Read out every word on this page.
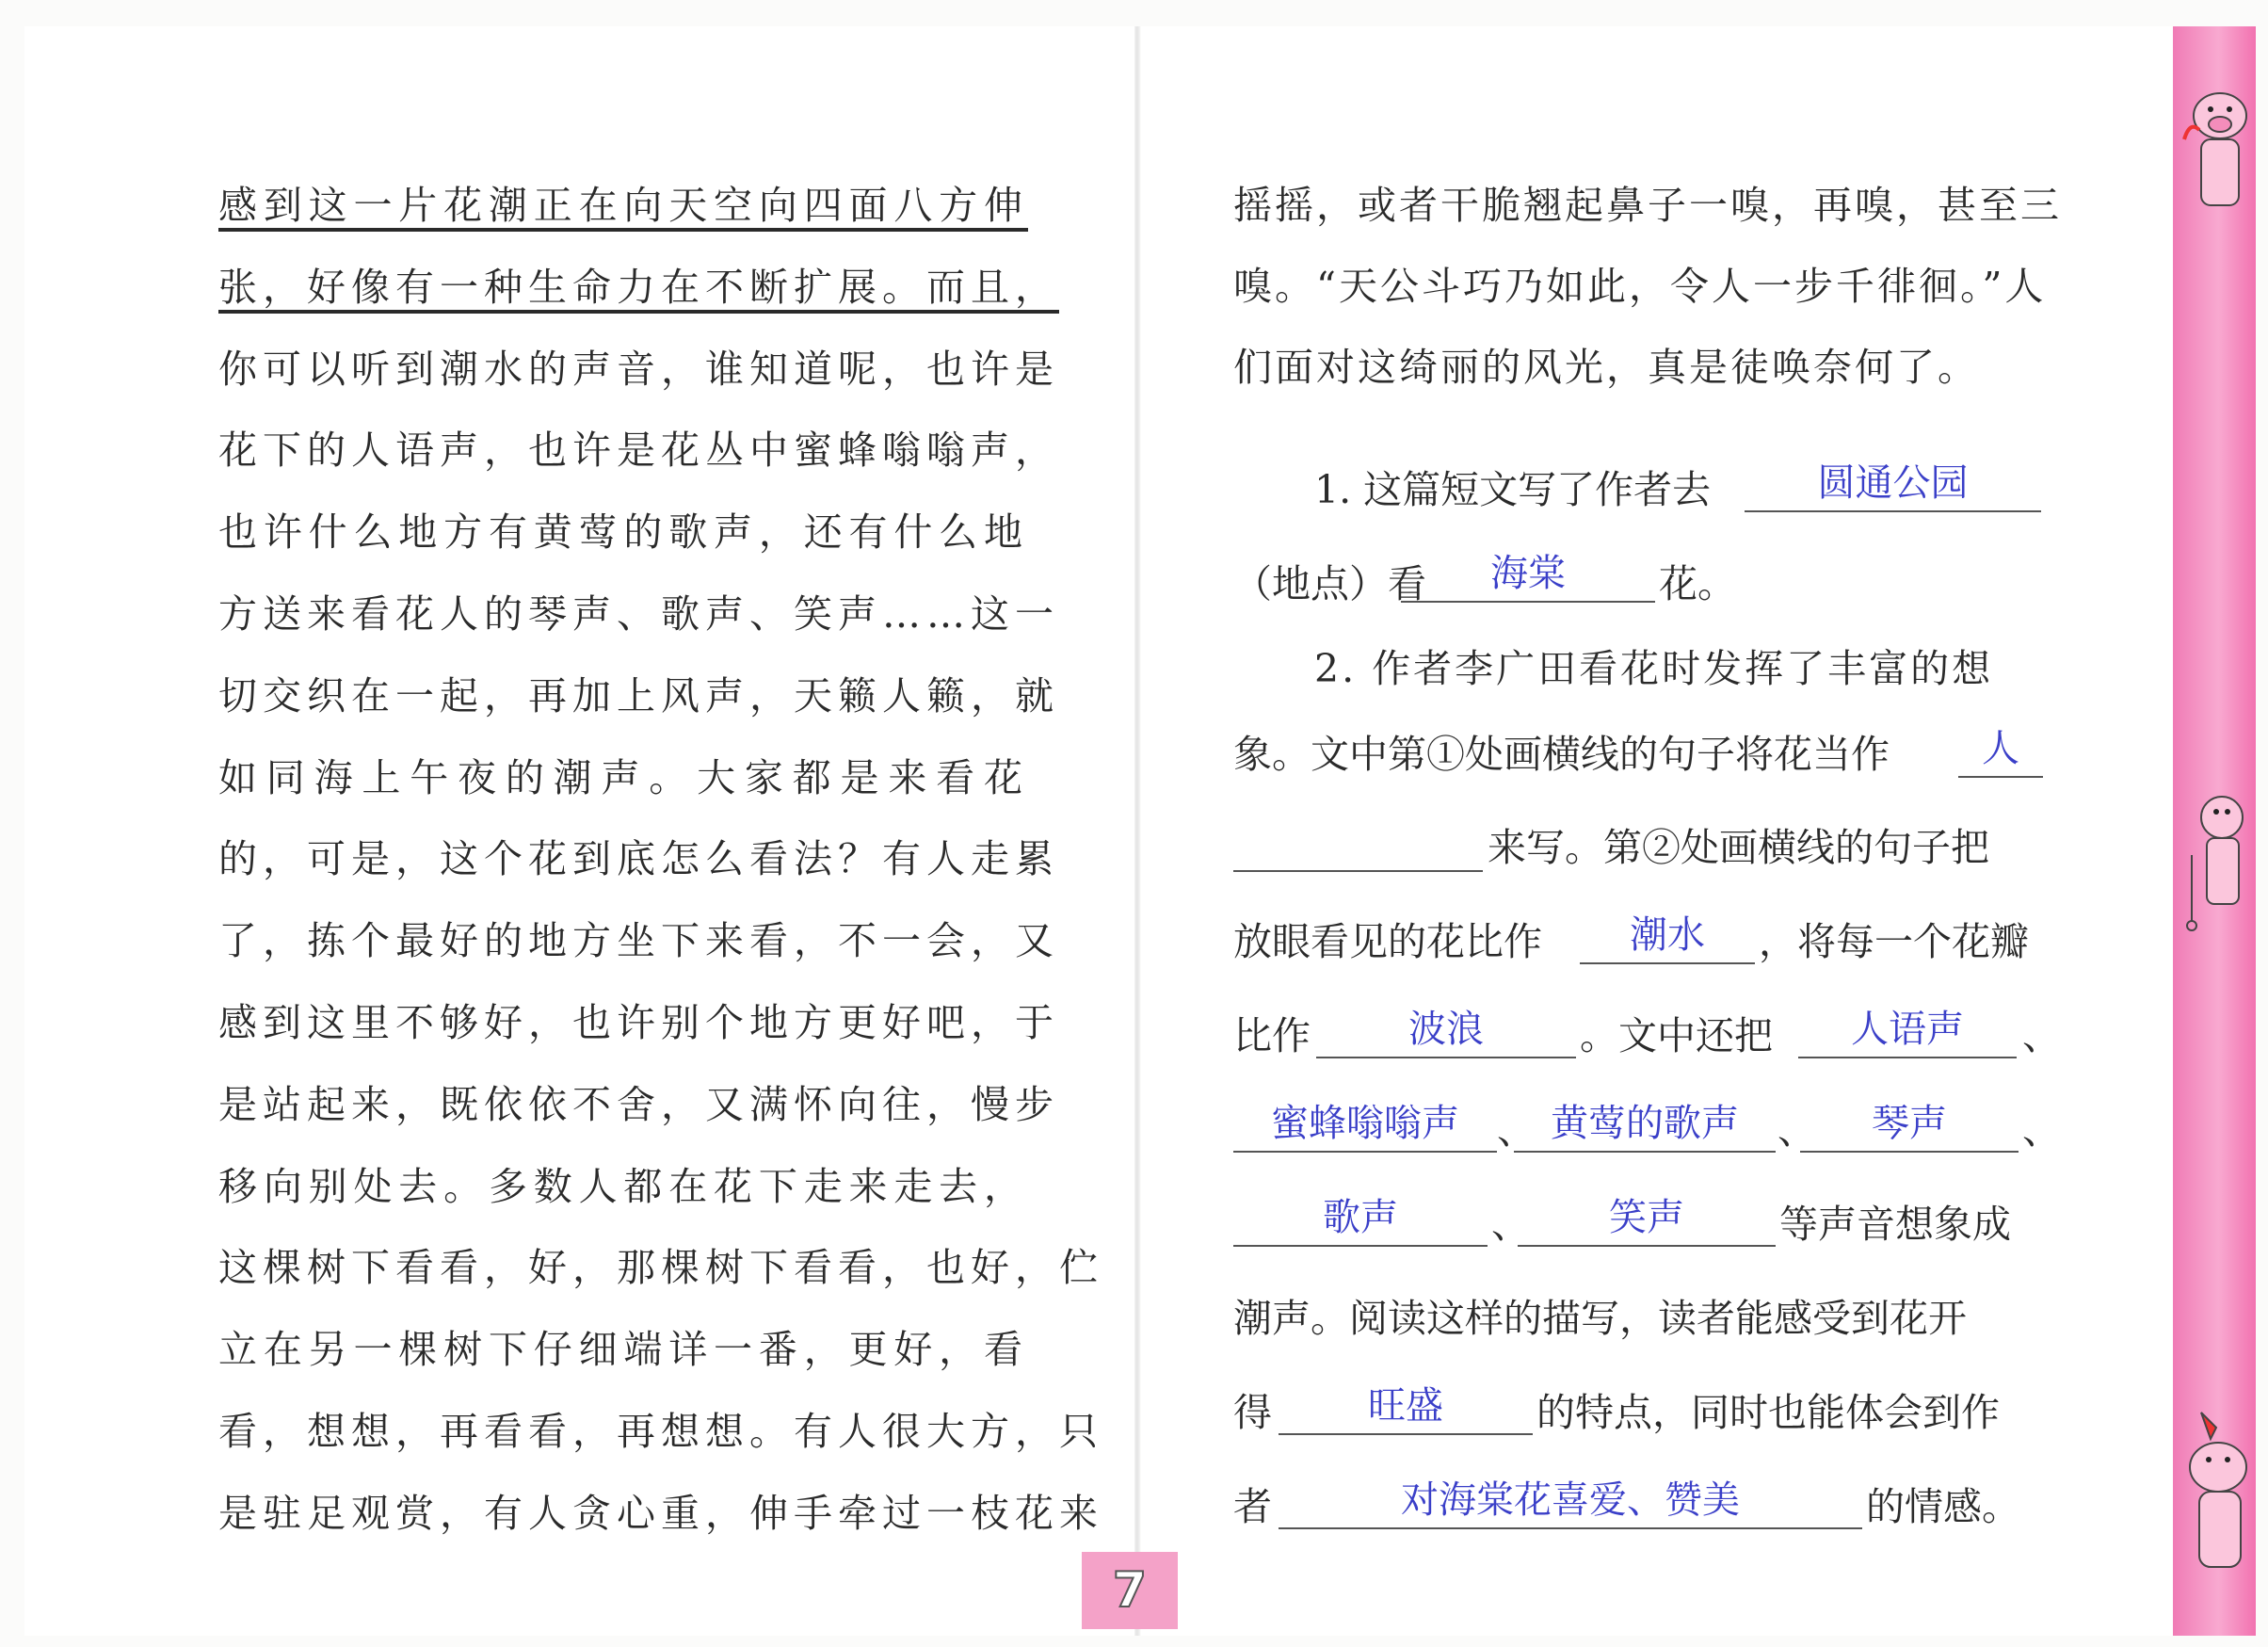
感到这一片花潮正在向天空向四面八方伸
张，好像有一种生命力在不断扩展。而且，
你可以听到潮水的声音，谁知道呢，也许是
花下的人语声，也许是花丛中蜜蜂嗡嗡声，
也许什么地方有黄莺的歌声，还有什么地
方送来看花人的琴声、歌声、笑声……这一
切交织在一起，再加上风声，天籁人籁，就
如同海上午夜的潮声。大家都是来看花
的，可是，这个花到底怎么看法？有人走累
了，拣个最好的地方坐下来看，不一会，又
感到这里不够好，也许别个地方更好吧，于
是站起来，既依依不舍，又满怀向往，慢步
移向别处去。多数人都在花下走来走去，
这棵树下看看，好，那棵树下看看，也好，伫
立在另一棵树下仔细端详一番，更好，看
看，想想，再看看，再想想。有人很大方，只
是驻足观赏，有人贪心重，伸手牵过一枝花来
摇摇，或者干脆翘起鼻子一嗅，再嗅，甚至三
嗅。“天公斗巧乃如此，令人一步千徘徊。”人
们面对这绮丽的风光，真是徒唤奈何了。
1. 这篇短文写了作者去	圆通公园
（地点）看	海棠	花。
2. 作者李广田看花时发挥了丰富的想
象。文中第①处画横线的句子将花当作	人
来写。第②处画横线的句子把
放眼看见的花比作	潮水	，将每一个花瓣
比作	波浪	。文中还把	人语声	、
蜜蜂嗡嗡声 、 黄莺的歌声	、	琴声	、
歌声	、	笑声	等声音想象成
潮声。阅读这样的描写，读者能感受到花开
得	旺盛	的特点，同时也能体会到作
者	对海棠花喜爱、赞美	的情感。
7
